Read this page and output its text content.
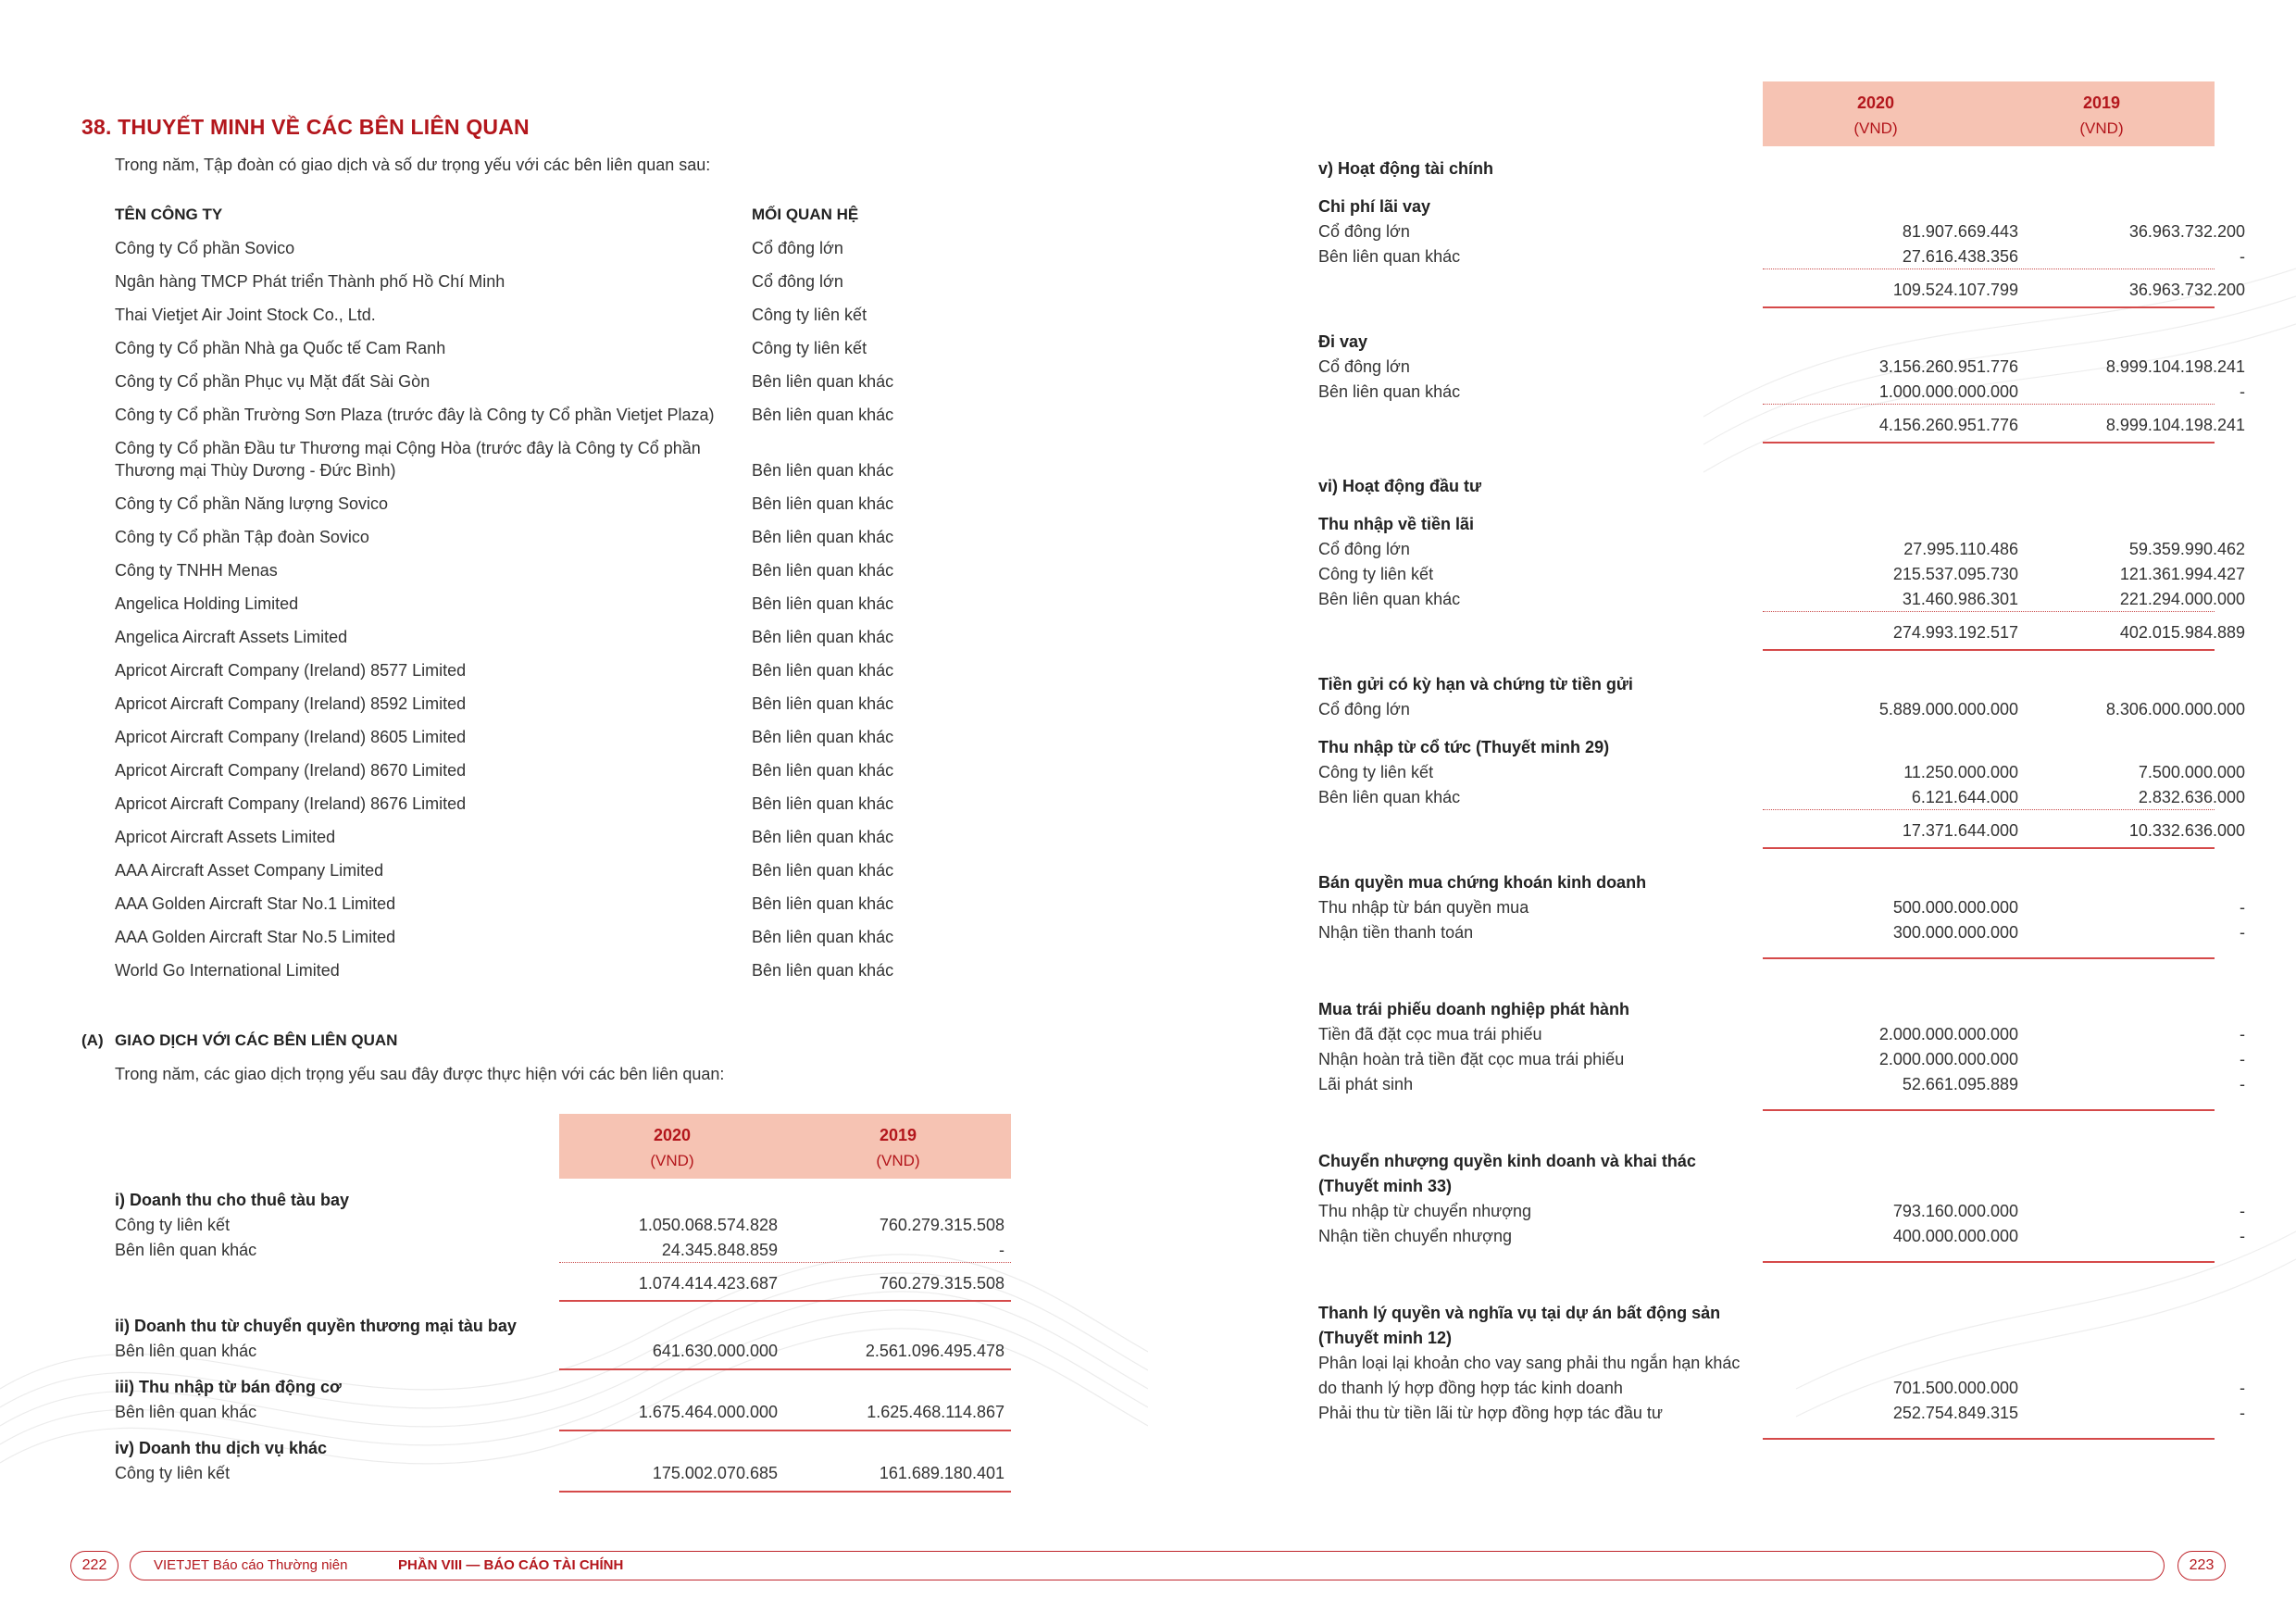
38. THUYẾT MINH VỀ CÁC BÊN LIÊN QUAN
Trong năm, Tập đoàn có giao dịch và số dư trọng yếu với các bên liên quan sau:
TÊN CÔNG TY	MỐI QUAN HỆ
Công ty Cổ phần Sovico	Cổ đông lớn
Ngân hàng TMCP Phát triển Thành phố Hồ Chí Minh	Cổ đông lớn
Thai Vietjet Air Joint Stock Co., Ltd.	Công ty liên kết
Công ty Cổ phần Nhà ga Quốc tế Cam Ranh	Công ty liên kết
Công ty Cổ phần Phục vụ Mặt đất Sài Gòn	Bên liên quan khác
Công ty Cổ phần Trường Sơn Plaza (trước đây là Công ty Cổ phần Vietjet Plaza)	Bên liên quan khác
Công ty Cổ phần Đầu tư Thương mại Cộng Hòa (trước đây là Công ty Cổ phần
Thương mại Thùy Dương - Đức Bình)	Bên liên quan khác
Công ty Cổ phần Năng lượng Sovico	Bên liên quan khác
Công ty Cổ phần Tập đoàn Sovico	Bên liên quan khác
Công ty TNHH Menas	Bên liên quan khác
Angelica Holding Limited	Bên liên quan khác
Angelica Aircraft Assets Limited	Bên liên quan khác
Apricot Aircraft Company (Ireland) 8577 Limited	Bên liên quan khác
Apricot Aircraft Company (Ireland) 8592 Limited	Bên liên quan khác
Apricot Aircraft Company (Ireland) 8605 Limited	Bên liên quan khác
Apricot Aircraft Company (Ireland) 8670 Limited	Bên liên quan khác
Apricot Aircraft Company (Ireland) 8676 Limited	Bên liên quan khác
Apricot Aircraft Assets Limited	Bên liên quan khác
AAA Aircraft Asset Company Limited	Bên liên quan khác
AAA Golden Aircraft Star No.1 Limited	Bên liên quan khác
AAA Golden Aircraft Star No.5 Limited	Bên liên quan khác
World Go International Limited	Bên liên quan khác
(A) GIAO DỊCH VỚI CÁC BÊN LIÊN QUAN
Trong năm, các giao dịch trọng yếu sau đây được thực hiện với các bên liên quan:
2020
(VND)
2019
(VND)
i) Doanh thu cho thuê tàu bay
Công ty liên kết	1.050.068.574.828	760.279.315.508
Bên liên quan khác	24.345.848.859	-
1.074.414.423.687	760.279.315.508
ii) Doanh thu từ chuyển quyền thương mại tàu bay
Bên liên quan khác	641.630.000.000	2.561.096.495.478
iii) Thu nhập từ bán động cơ
Bên liên quan khác	1.675.464.000.000	1.625.468.114.867
iv) Doanh thu dịch vụ khác
Công ty liên kết	175.002.070.685	161.689.180.401
222	VIETJET Báo cáo Thường niên	PHẦN VIII — BÁO CÁO TÀI CHÍNH
2020
(VND)
2019
(VND)
v) Hoạt động tài chính
Chi phí lãi vay
Cổ đông lớn	81.907.669.443	36.963.732.200
Bên liên quan khác	27.616.438.356	-
109.524.107.799	36.963.732.200
Đi vay
Cổ đông lớn	3.156.260.951.776	8.999.104.198.241
Bên liên quan khác	1.000.000.000.000	-
4.156.260.951.776	8.999.104.198.241
vi) Hoạt động đầu tư
Thu nhập về tiền lãi
Cổ đông lớn	27.995.110.486	59.359.990.462
Công ty liên kết	215.537.095.730	121.361.994.427
Bên liên quan khác	31.460.986.301	221.294.000.000
274.993.192.517	402.015.984.889
Tiền gửi có kỳ hạn và chứng từ tiền gửi
Cổ đông lớn	5.889.000.000.000	8.306.000.000.000
Thu nhập từ cổ tức (Thuyết minh 29)
Công ty liên kết	11.250.000.000	7.500.000.000
Bên liên quan khác	6.121.644.000	2.832.636.000
17.371.644.000	10.332.636.000
Bán quyền mua chứng khoán kinh doanh
Thu nhập từ bán quyền mua	500.000.000.000	-
Nhận tiền thanh toán	300.000.000.000	-
Mua trái phiếu doanh nghiệp phát hành
Tiền đã đặt cọc mua trái phiếu	2.000.000.000.000	-
Nhận hoàn trả tiền đặt cọc mua trái phiếu	2.000.000.000.000	-
Lãi phát sinh	52.661.095.889	-
Chuyển nhượng quyền kinh doanh và khai thác
(Thuyết minh 33)
Thu nhập từ chuyển nhượng	793.160.000.000	-
Nhận tiền chuyển nhượng	400.000.000.000	-
Thanh lý quyền và nghĩa vụ tại dự án bất động sản
(Thuyết minh 12)
Phân loại lại khoản cho vay sang phải thu ngắn hạn khác
do thanh lý hợp đồng hợp tác kinh doanh	701.500.000.000	-
Phải thu từ tiền lãi từ hợp đồng hợp tác đầu tư	252.754.849.315	-
223
